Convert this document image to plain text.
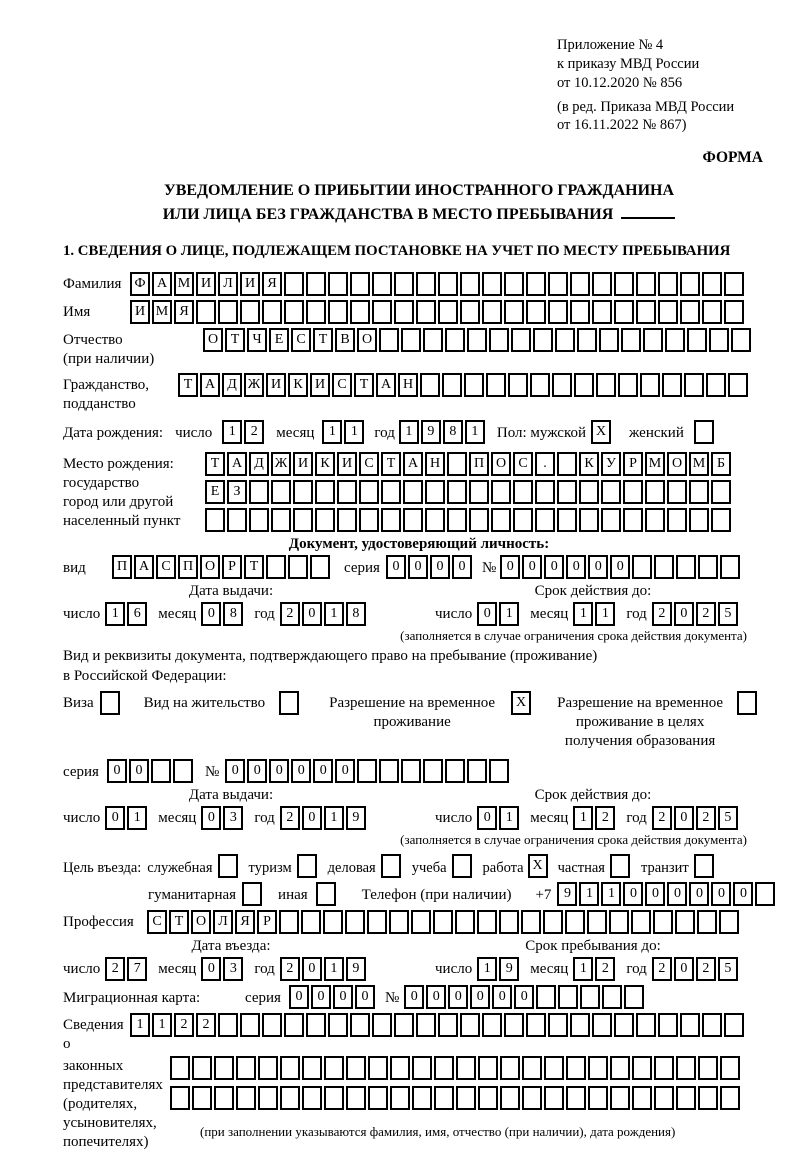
Приложение № 4
к приказу МВД России
от 10.12.2020 № 856
(в ред. Приказа МВД России
от 16.11.2022 № 867)
ФОРМА
УВЕДОМЛЕНИЕ О ПРИБЫТИИ ИНОСТРАННОГО ГРАЖДАНИНА
ИЛИ ЛИЦА БЕЗ ГРАЖДАНСТВА В МЕСТО ПРЕБЫВАНИЯ
1. СВЕДЕНИЯ О ЛИЦЕ, ПОДЛЕЖАЩЕМ ПОСТАНОВКЕ НА УЧЕТ ПО МЕСТУ ПРЕБЫВАНИЯ
Фамилия Ф А М И Л И Я
Имя	И М Я
Отчество
(при наличии)
О Т Ч Е С Т В О
Гражданство,
подданство
Т А Д Ж И К И С Т А Н
Дата рождения: число	1	2	месяц	1	1	год 1	9	8	1	Пол: мужской X	женский
Место рождения:
государство
город или другой
населенный пункт
Т А Д Ж И К И С Т А Н	П О С	.	К У Р М О М Б
Е	З
Документ, удостоверяющий личность:
вид	П А С П О Р Т	серия 0	0	0	0	№ 0	0	0	0	0	0
Дата выдачи:	Срок действия до:
число 1	6	месяц 0	8	год 2	0	1	8	число 0	1	месяц 1	1	год 2	0	2	5
(заполняется в случае ограничения срока действия документа)
Вид и реквизиты документа, подтверждающего право на пребывание (проживание)
в Российской Федерации:
Виза	Вид на жительство	Разрешение на временное
проживание
X	Разрешение на временное
проживание в целях
получения образования
серия	0	0	№ 0	0	0	0	0	0
Дата выдачи:	Срок действия до:
число 0	1	месяц 0	3	год 2	0	1	9	число 0	1	месяц 1	2	год 2	0	2	5
(заполняется в случае ограничения срока действия документа)
Цель въезда: служебная туризм деловая учеба работа X	частная транзит
гуманитарная	иная	Телефон (при наличии) +7 9	1	1	0	0	0	0	0	0
Профессия	С Т О Л Я Р
Дата въезда:	Срок пребывания до:
число 2	7	месяц 0	3	год 2	0	1	9	число 1	9	месяц 1	2	год 2	0	2	5
Миграционная карта:	серия	0	0	0	0	№ 0	0	0	0	0	0
Сведения о
1	1	2	2
законных
представителях
(родителях,
усыновителях,
попечителях)
(при заполнении указываются фамилия, имя, отчество (при наличии), дата рождения)
